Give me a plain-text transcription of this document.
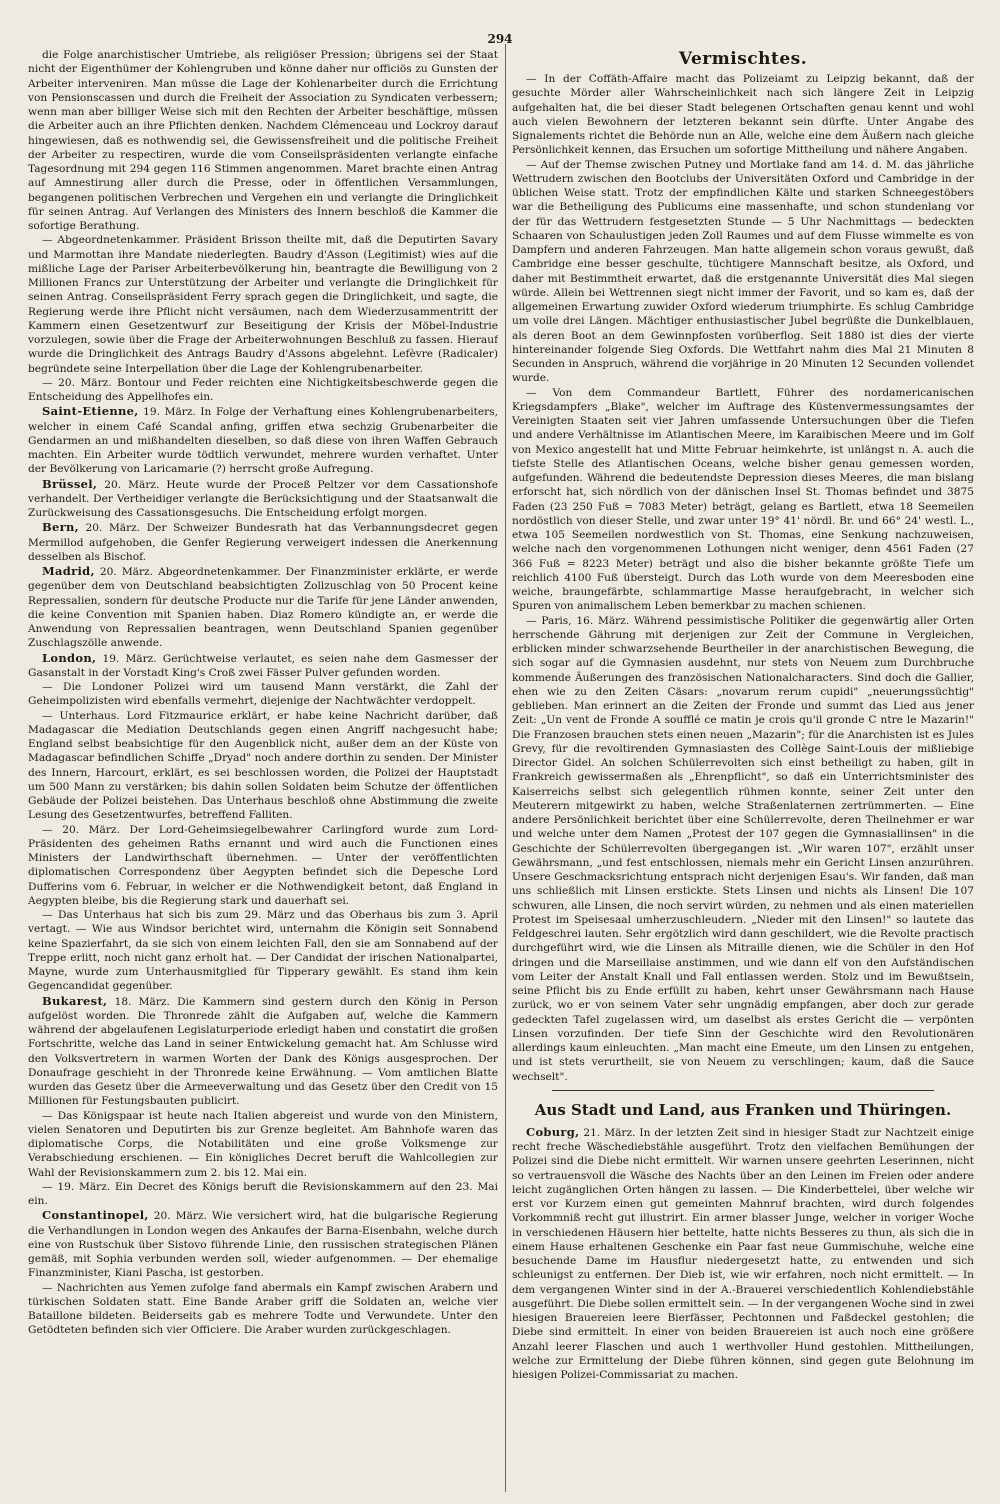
294

die Folge anarchistischer Umtriebe, als religiöser Pression; übrigens sei der Staat nicht der Eigenthümer der Kohlengruben und könne daher nur officiös zu Gunsten der Arbeiter interveniren. Man müsse die Lage der Kohlenarbeiter durch die Errichtung von Pensionscassen und durch die Freiheit der Association zu Syndicaten verbessern; wenn man aber billiger Weise sich mit den Rechten der Arbeiter beschäftige, müssen die Arbeiter auch an ihre Pflichten denken. Nachdem Clémenceau und Lockroy darauf hingewiesen, daß es nothwendig sei, die Gewissensfreiheit und die politische Freiheit der Arbeiter zu respectiren, wurde die vom Conseilspräsidenten verlangte einfache Tagesordnung mit 294 gegen 116 Stimmen angenommen. Maret brachte einen Antrag auf Amnestirung aller durch die Presse, oder in öffentlichen Versammlungen, begangenen politischen Verbrechen und Vergehen ein und verlangte die Dringlichkeit für seinen Antrag. Auf Verlangen des Ministers des Innern beschloß die Kammer die sofortige Berathung.

— Abgeordnetenkammer. Präsident Brisson theilte mit, daß die Deputirten Savary und Marmottan ihre Mandate niederlegten. Baudry d'Asson (Legitimist) wies auf die mißliche Lage der Pariser Arbeiterbevölkerung hin, beantragte die Bewilligung von 2 Millionen Francs zur Unterstützung der Arbeiter und verlangte die Dringlichkeit für seinen Antrag. Conseilspräsident Ferry sprach gegen die Dringlichkeit, und sagte, die Regierung werde ihre Pflicht nicht versäumen, nach dem Wiederzusammentritt der Kammern einen Gesetzentwurf zur Beseitigung der Krisis der Möbel-Industrie vorzulegen, sowie über die Frage der Arbeiterwohnungen Beschluß zu fassen. Hierauf wurde die Dringlichkeit des Antrags Baudry d'Assons abgelehnt. Lefèvre (Radicaler) begründete seine Interpellation über die Lage der Kohlengrubenarbeiter.

— 20. März. Bontour und Feder reichten eine Nichtigkeitsbeschwerde gegen die Entscheidung des Appellhofes ein.

Saint-Etienne, 19. März. In Folge der Verhaftung eines Kohlengrubenarbeiters, welcher in einem Café Scandal anfing, griffen etwa sechzig Grubenarbeiter die Gendarmen an und mißhandelten dieselben, so daß diese von ihren Waffen Gebrauch machten. Ein Arbeiter wurde tödtlich verwundet, mehrere wurden verhaftet. Unter der Bevölkerung von Laricamarie (?) herrscht große Aufregung.

Brüssel, 20. März. Heute wurde der Proceß Peltzer vor dem Cassationshofe verhandelt. Der Vertheidiger verlangte die Berücksichtigung und der Staatsanwalt die Zurückweisung des Cassationsgesuchs. Die Entscheidung erfolgt morgen.

Bern, 20. März. Der Schweizer Bundesrath hat das Verbannungsdecret gegen Mermillod aufgehoben, die Genfer Regierung verweigert indessen die Anerkennung desselben als Bischof.

Madrid, 20. März. Abgeordnetenkammer. Der Finanzminister erklärte, er werde gegenüber dem von Deutschland beabsichtigten Zollzuschlag von 50 Procent keine Repressalien, sondern für deutsche Producte nur die Tarife für jene Länder anwenden, die keine Convention mit Spanien haben. Diaz Romero kündigte an, er werde die Anwendung von Repressalien beantragen, wenn Deutschland Spanien gegenüber Zuschlagszölle anwende.

London, 19. März. Gerüchtweise verlautet, es seien nahe dem Gasmesser der Gasanstalt in der Vorstadt King's Croß zwei Fässer Pulver gefunden worden.

— Die Londoner Polizei wird um tausend Mann verstärkt, die Zahl der Geheimpolizisten wird ebenfalls vermehrt, diejenige der Nachtwächter verdoppelt.

— Unterhaus. Lord Fitzmaurice erklärt, er habe keine Nachricht darüber, daß Madagascar die Mediation Deutschlands gegen einen Angriff nachgesucht habe; England selbst beabsichtige für den Augenblick nicht, außer dem an der Küste von Madagascar befindlichen Schiffe „Dryad" noch andere dorthin zu senden. Der Minister des Innern, Harcourt, erklärt, es sei beschlossen worden, die Polizei der Hauptstadt um 500 Mann zu verstärken; bis dahin sollen Soldaten beim Schutze der öffentlichen Gebäude der Polizei beistehen. Das Unterhaus beschloß ohne Abstimmung die zweite Lesung des Gesetzentwurfes, betreffend Falliten.

— 20. März. Der Lord-Geheimsiegelbewahrer Carlingford wurde zum Lord-Präsidenten des geheimen Raths ernannt und wird auch die Functionen eines Ministers der Landwirthschaft übernehmen. — Unter der veröffentlichten diplomatischen Correspondenz über Aegypten befindet sich die Depesche Lord Dufferins vom 6. Februar, in welcher er die Nothwendigkeit betont, daß England in Aegypten bleibe, bis die Regierung stark und dauerhaft sei.

— Das Unterhaus hat sich bis zum 29. März und das Oberhaus bis zum 3. April vertagt. — Wie aus Windsor berichtet wird, unternahm die Königin seit Sonnabend keine Spazierfahrt, da sie sich von einem leichten Fall, den sie am Sonnabend auf der Treppe erlitt, noch nicht ganz erholt hat. — Der Candidat der irischen Nationalpartei, Mayne, wurde zum Unterhausmitglied für Tipperary gewählt. Es stand ihm kein Gegencandidat gegenüber.

Bukarest, 18. März. Die Kammern sind gestern durch den König in Person aufgelöst worden. Die Thronrede zählt die Aufgaben auf, welche die Kammern während der abgelaufenen Legislaturperiode erledigt haben und constatirt die großen Fortschritte, welche das Land in seiner Entwickelung gemacht hat. Am Schlusse wird den Volksvertretern in warmen Worten der Dank des Königs ausgesprochen. Der Donaufrage geschieht in der Thronrede keine Erwähnung. — Vom amtlichen Blatte wurden das Gesetz über die Armeeverwaltung und das Gesetz über den Credit von 15 Millionen für Festungsbauten publicirt.

— Das Königspaar ist heute nach Italien abgereist und wurde von den Ministern, vielen Senatoren und Deputirten bis zur Grenze begleitet. Am Bahnhofe waren das diplomatische Corps, die Notabilitäten und eine große Volksmenge zur Verabschiedung erschienen. — Ein königliches Decret beruft die Wahlcollegien zur Wahl der Revisionskammern zum 2. bis 12. Mai ein.

— 19. März. Ein Decret des Königs beruft die Revisionskammern auf den 23. Mai ein.

Constantinopel, 20. März. Wie versichert wird, hat die bulgarische Regierung die Verhandlungen in London wegen des Ankaufes der Barna-Eisenbahn, welche durch eine von Rustschuk über Sistovo führende Linie, den russischen strategischen Plänen gemäß, mit Sophia verbunden werden soll, wieder aufgenommen. — Der ehemalige Finanzminister, Kiani Pascha, ist gestorben.

— Nachrichten aus Yemen zufolge fand abermals ein Kampf zwischen Arabern und türkischen Soldaten statt. Eine Bande Araber griff die Soldaten an, welche vier Bataillone bildeten. Beiderseits gab es mehrere Todte und Verwundete. Unter den Getödteten befinden sich vier Officiere. Die Araber wurden zurückgeschlagen.

Vermischtes.

— In der Coffäth-Affaire macht das Polizeiamt zu Leipzig bekannt, daß der gesuchte Mörder aller Wahrscheinlichkeit nach sich längere Zeit in Leipzig aufgehalten hat, die bei dieser Stadt belegenen Ortschaften genau kennt und wohl auch vielen Bewohnern der letzteren bekannt sein dürfte. Unter Angabe des Signalements richtet die Behörde nun an Alle, welche eine dem Äußern nach gleiche Persönlichkeit kennen, das Ersuchen um sofortige Mittheilung und nähere Angaben.

— Auf der Themse zwischen Putney und Mortlake fand am 14. d. M. das jährliche Wettrudern zwischen den Bootclubs der Universitäten Oxford und Cambridge in der üblichen Weise statt. Trotz der empfindlichen Kälte und starken Schneegestöbers war die Betheiligung des Publicums eine massenhafte, und schon stundenlang vor der für das Wettrudern festgesetzten Stunde — 5 Uhr Nachmittags — bedeckten Schaaren von Schaulustigen jeden Zoll Raumes und auf dem Flusse wimmelte es von Dampfern und anderen Fahrzeugen. Man hatte allgemein schon voraus gewußt, daß Cambridge eine besser geschulte, tüchtigere Mannschaft besitze, als Oxford, und daher mit Bestimmtheit erwartet, daß die erstgenannte Universität dies Mal siegen würde. Allein bei Wettrennen siegt nicht immer der Favorit, und so kam es, daß der allgemeinen Erwartung zuwider Oxford wiederum triumphirte. Es schlug Cambridge um volle drei Längen. Mächtiger enthusiastischer Jubel begrüßte die Dunkelblauen, als deren Boot an dem Gewinnpfosten vorüberflog. Seit 1880 ist dies der vierte hintereinander folgende Sieg Oxfords. Die Wettfahrt nahm dies Mal 21 Minuten 8 Secunden in Anspruch, während die vorjährige in 20 Minuten 12 Secunden vollendet wurde.

— Von dem Commandeur Bartlett, Führer des nordamericanischen Kriegsdampfers „Blake", welcher im Auftrage des Küstenvermessungsamtes der Vereinigten Staaten seit vier Jahren umfassende Untersuchungen über die Tiefen und andere Verhältnisse im Atlantischen Meere, im Karaibischen Meere und im Golf von Mexico angestellt hat und Mitte Februar heimkehrte, ist unlängst n. A. auch die tiefste Stelle des Atlantischen Oceans, welche bisher genau gemessen worden, aufgefunden. Während die bedeutendste Depression dieses Meeres, die man bislang erforscht hat, sich nördlich von der dänischen Insel St. Thomas befindet und 3875 Faden (23 250 Fuß = 7083 Meter) beträgt, gelang es Bartlett, etwa 18 Seemeilen nordöstlich von dieser Stelle, und zwar unter 19° 41' nördl. Br. und 66° 24' westl. L., etwa 105 Seemeilen nordwestlich von St. Thomas, eine Senkung nachzuweisen, welche nach den vorgenommenen Lothungen nicht weniger, denn 4561 Faden (27 366 Fuß = 8223 Meter) beträgt und also die bisher bekannte größte Tiefe um reichlich 4100 Fuß übersteigt. Durch das Loth wurde von dem Meeresboden eine weiche, braungefärbte, schlammartige Masse heraufgebracht, in welcher sich Spuren von animalischem Leben bemerkbar zu machen schienen.

— Paris, 16. März. Während pessimistische Politiker die gegenwärtig aller Orten herrschende Gährung mit derjenigen zur Zeit der Commune in Vergleichen, erblicken minder schwarzsehende Beurtheiler in der anarchistischen Bewegung, die sich sogar auf die Gymnasien ausdehnt, nur stets von Neuem zum Durchbruche kommende Äußerungen des französischen Nationalcharacters. Sind doch die Gallier, ehen wie zu den Zeiten Cäsars: „novarum rerum cupidi" „neuerungssüchtig" geblieben. Man erinnert an die Zeiten der Fronde und summt das Lied aus jener Zeit: „Un vent de Fronde A soufflé ce matin je crois qu'il gronde C ntre le Mazarin!" Die Franzosen brauchen stets einen neuen „Mazarin"; für die Anarchisten ist es Jules Grevy, für die revoltirenden Gymnasiasten des Collège Saint-Louis der mißliebige Director Gidel. An solchen Schülerrevolten sich einst betheiligt zu haben, gilt in Frankreich gewissermaßen als „Ehrenpflicht", so daß ein Unterrichtsminister des Kaiserreichs selbst sich gelegentlich rühmen konnte, seiner Zeit unter den Meuterern mitgewirkt zu haben, welche Straßenlaternen zertrümmerten. — Eine andere Persönlichkeit berichtet über eine Schülerrevolte, deren Theilnehmer er war und welche unter dem Namen „Protest der 107 gegen die Gymnasiallinsen" in die Geschichte der Schülerrevolten übergegangen ist. „Wir waren 107", erzählt unser Gewährsmann, „und fest entschlossen, niemals mehr ein Gericht Linsen anzurühren. Unsere Geschmacksrichtung entsprach nicht derjenigen Esau's. Wir fanden, daß man uns schließlich mit Linsen erstickte. Stets Linsen und nichts als Linsen! Die 107 schwuren, alle Linsen, die noch servirt würden, zu nehmen und als einen materiellen Protest im Speisesaal umherzuschleudern. „Nieder mit den Linsen!" so lautete das Feldgeschrei lauten. Sehr ergötzlich wird dann geschildert, wie die Revolte practisch durchgeführt wird, wie die Linsen als Mitraille dienen, wie die Schüler in den Hof dringen und die Marseillaise anstimmen, und wie dann elf von den Aufständischen vom Leiter der Anstalt Knall und Fall entlassen werden. Stolz und im Bewußtsein, seine Pflicht bis zu Ende erfüllt zu haben, kehrt unser Gewährsmann nach Hause zurück, wo er von seinem Vater sehr ungnädig empfangen, aber doch zur gerade gedeckten Tafel zugelassen wird, um daselbst als erstes Gericht die — verpönten Linsen vorzufinden. Der tiefe Sinn der Geschichte wird den Revolutionären allerdings kaum einleuchten. „Man macht eine Emeute, um den Linsen zu entgehen, und ist stets verurtheilt, sie von Neuem zu verschlingen; kaum, daß die Sauce wechselt".

Aus Stadt und Land, aus Franken und Thüringen.

Coburg, 21. März. In der letzten Zeit sind in hiesiger Stadt zur Nachtzeit einige recht freche Wäschediebstähle ausgeführt. Trotz den vielfachen Bemühungen der Polizei sind die Diebe nicht ermittelt. Wir warnen unsere geehrten Leserinnen, nicht so vertrauensvoll die Wäsche des Nachts über an den Leinen im Freien oder andere leicht zugänglichen Orten hängen zu lassen. — Die Kinderbettelei, über welche wir erst vor Kurzem einen gut gemeinten Mahnruf brachten, wird durch folgendes Vorkommniß recht gut illustrirt. Ein armer blasser Junge, welcher in voriger Woche in verschiedenen Häusern hier bettelte, hatte nichts Besseres zu thun, als sich die in einem Hause erhaltenen Geschenke ein Paar fast neue Gummischuhe, welche eine besuchende Dame im Hausflur niedergesetzt hatte, zu entwenden und sich schleunigst zu entfernen. Der Dieb ist, wie wir erfahren, noch nicht ermittelt. — In dem vergangenen Winter sind in der A.-Brauerei verschiedentlich Kohlendiebstähle ausgeführt. Die Diebe sollen ermittelt sein. — In der vergangenen Woche sind in zwei hiesigen Brauereien leere Bierfässer, Pechtonnen und Faßdeckel gestohlen; die Diebe sind ermittelt. In einer von beiden Brauereien ist auch noch eine größere Anzahl leerer Flaschen und auch 1 werthvoller Hund gestohlen. Mittheilungen, welche zur Ermittelung der Diebe führen können, sind gegen gute Belohnung im hiesigen Polizei-Commissariat zu machen.
